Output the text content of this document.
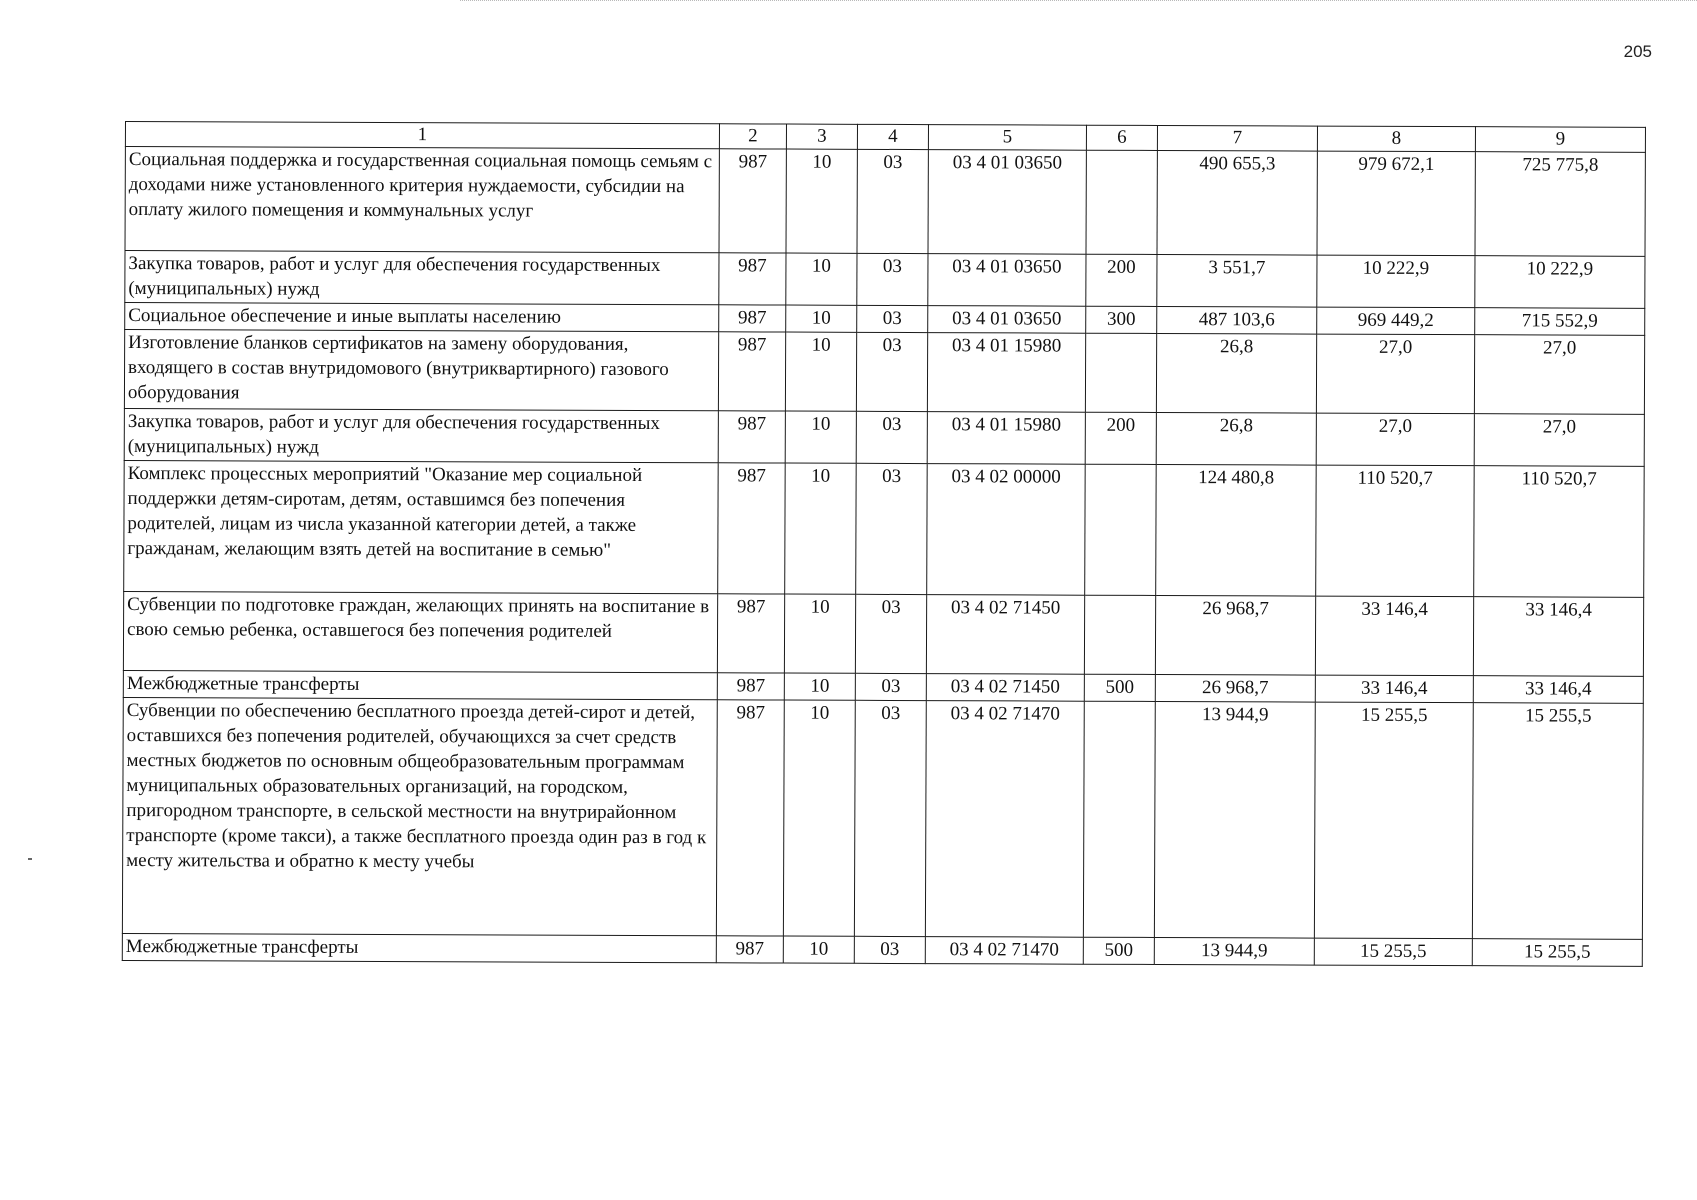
205
1	2	3	4	5	6	7	8	9
Социальная поддержка и государственная социальная помощь семьям с доходами ниже установленного критерия нуждаемости, субсидии на оплату жилого помещения и коммунальных услуг	987	10	03	03 4 01 03650		490 655,3	979 672,1	725 775,8
Закупка товаров, работ и услуг для обеспечения государственных (муниципальных) нужд	987	10	03	03 4 01 03650	200	3 551,7	10 222,9	10 222,9
Социальное обеспечение и иные выплаты населению	987	10	03	03 4 01 03650	300	487 103,6	969 449,2	715 552,9
Изготовление бланков сертификатов на замену оборудования, входящего в состав внутридомового (внутриквартирного) газового оборудования	987	10	03	03 4 01 15980		26,8	27,0	27,0
Закупка товаров, работ и услуг для обеспечения государственных (муниципальных) нужд	987	10	03	03 4 01 15980	200	26,8	27,0	27,0
Комплекс процессных мероприятий "Оказание мер социальной поддержки детям-сиротам, детям, оставшимся без попечения родителей, лицам из числа указанной категории детей, а также гражданам, желающим взять детей на воспитание в семью"	987	10	03	03 4 02 00000		124 480,8	110 520,7	110 520,7
Субвенции по подготовке граждан, желающих принять на воспитание в свою семью ребенка, оставшегося без попечения родителей	987	10	03	03 4 02 71450		26 968,7	33 146,4	33 146,4
Межбюджетные трансферты	987	10	03	03 4 02 71450	500	26 968,7	33 146,4	33 146,4
Субвенции по обеспечению бесплатного проезда детей-сирот и детей, оставшихся без попечения родителей, обучающихся за счет средств местных бюджетов по основным общеобразовательным программам муниципальных образовательных организаций, на городском, пригородном транспорте, в сельской местности на внутрирайонном транспорте (кроме такси), а также бесплатного проезда один раз в год к месту жительства и обратно к месту учебы	987	10	03	03 4 02 71470		13 944,9	15 255,5	15 255,5
Межбюджетные трансферты	987	10	03	03 4 02 71470	500	13 944,9	15 255,5	15 255,5
